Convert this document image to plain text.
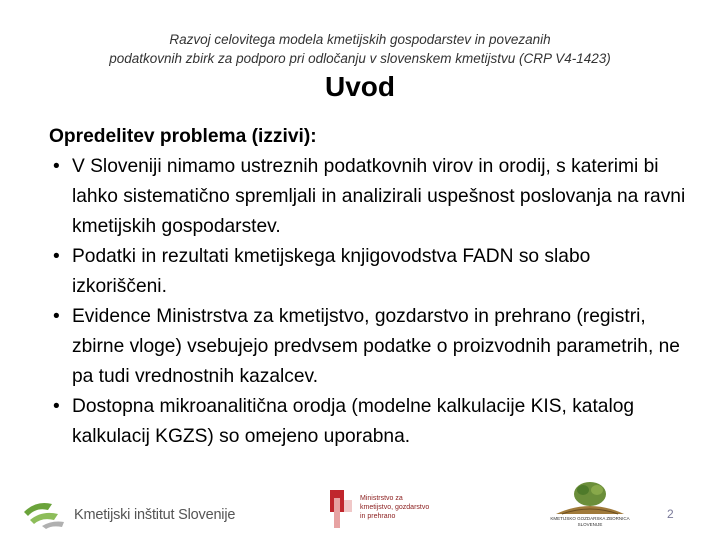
Razvoj celovitega modela kmetijskih gospodarstev in povezanih
podatkovnih zbirk za podporo pri odločanju v slovenskem kmetijstvu (CRP V4-1423)
Uvod
Opredelitev problema (izzivi):
• V Sloveniji nimamo ustreznih podatkovnih virov in orodij, s katerimi bi lahko sistematično spremljali in analizirali uspešnost poslovanja na ravni kmetijskih gospodarstev.
• Podatki in rezultati kmetijskega knjigovodstva FADN so slabo izkoriščeni.
• Evidence Ministrstva za kmetijstvo, gozdarstvo in prehrano (registri, zbirne vloge) vsebujejo predvsem podatke o proizvodnih parametrih, ne pa tudi vrednostnih kazalcev.
• Dostopna mikroanalitična orodja (modelne kalkulacije KIS, katalog kalkulacij KGZS) so omejeno uporabna.
Kmetijski inštitut Slovenije
Ministrstvo za kmetijstvo, gozdarstvo in prehrano	KMETIJSKO GOZDARSKA ZBORNICA SLOVENIJE
2
